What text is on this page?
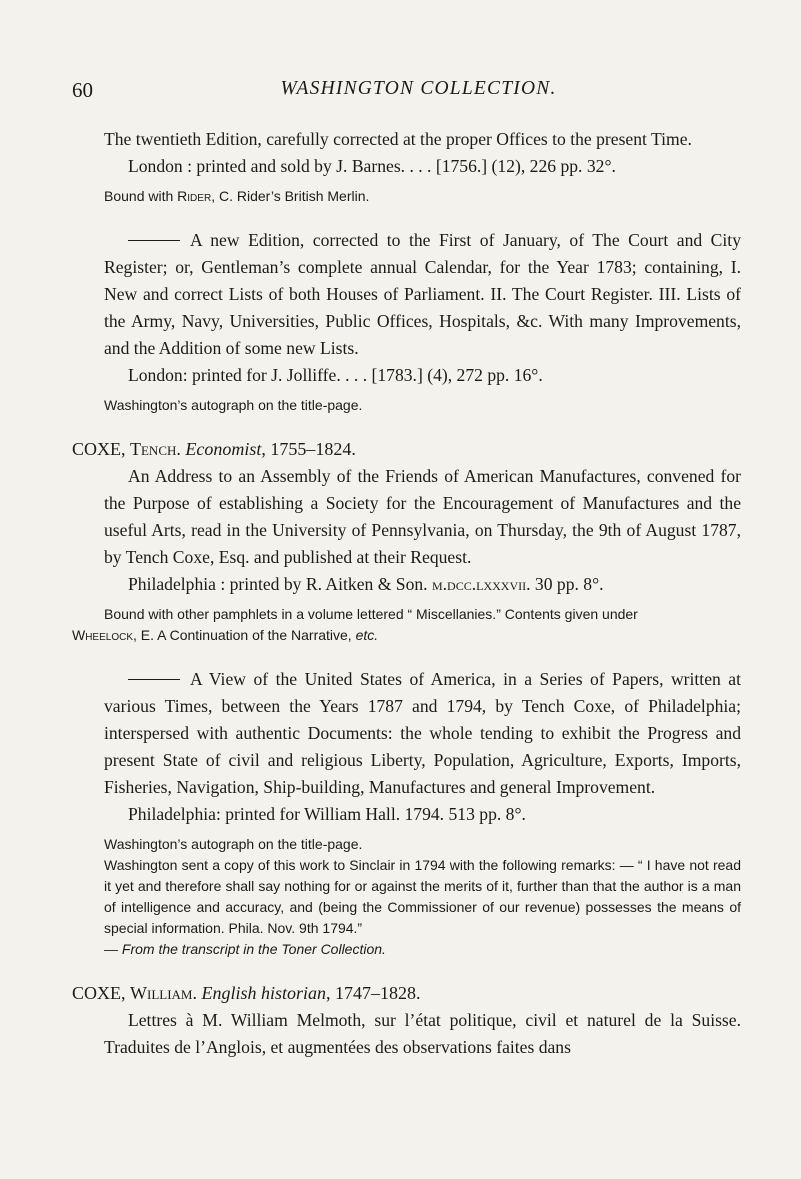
60	WASHINGTON COLLECTION.

The twentieth Edition, carefully corrected at the proper Offices to the present Time.

London : printed and sold by J. Barnes. . . . [1756.] (12), 226 pp. 32°.

Bound with Rider, C. Rider’s British Merlin.

A new Edition, corrected to the First of January, of The Court and City Register; or, Gentleman’s complete annual Calendar, for the Year 1783; containing, I. New and correct Lists of both Houses of Parliament. II. The Court Register. III. Lists of the Army, Navy, Universities, Public Offices, Hospitals, &c. With many Improvements, and the Addition of some new Lists.

London: printed for J. Jolliffe. . . . [1783.] (4), 272 pp. 16°.

Washington’s autograph on the title-page.

COXE, Tench. Economist, 1755–1824.

An Address to an Assembly of the Friends of American Manufactures, convened for the Purpose of establishing a Society for the Encouragement of Manufactures and the useful Arts, read in the University of Pennsylvania, on Thursday, the 9th of August 1787, by Tench Coxe, Esq. and published at their Request.

Philadelphia : printed by R. Aitken & Son. m.dcc.lxxxvii. 30 pp. 8°.

Bound with other pamphlets in a volume lettered “ Miscellanies.” Contents given under

Wheelock, E. A Continuation of the Narrative, etc.

A View of the United States of America, in a Series of Papers, written at various Times, between the Years 1787 and 1794, by Tench Coxe, of Philadelphia; interspersed with authentic Documents: the whole tending to exhibit the Progress and present State of civil and religious Liberty, Population, Agriculture, Exports, Imports, Fisheries, Navigation, Ship-building, Manufactures and general Improvement.

Philadelphia: printed for William Hall. 1794. 513 pp. 8°.

Washington’s autograph on the title-page.

Washington sent a copy of this work to Sinclair in 1794 with the following remarks: — “ I have not read it yet and therefore shall say nothing for or against the merits of it, further than that the author is a man of intelligence and accuracy, and (being the Commissioner of our revenue) possesses the means of special information. Phila. Nov. 9th 1794.”

— From the transcript in the Toner Collection.

COXE, William. English historian, 1747–1828.

Lettres à M. William Melmoth, sur l’état politique, civil et naturel de la Suisse. Traduites de l’Anglois, et augmentées des observations faites dans
